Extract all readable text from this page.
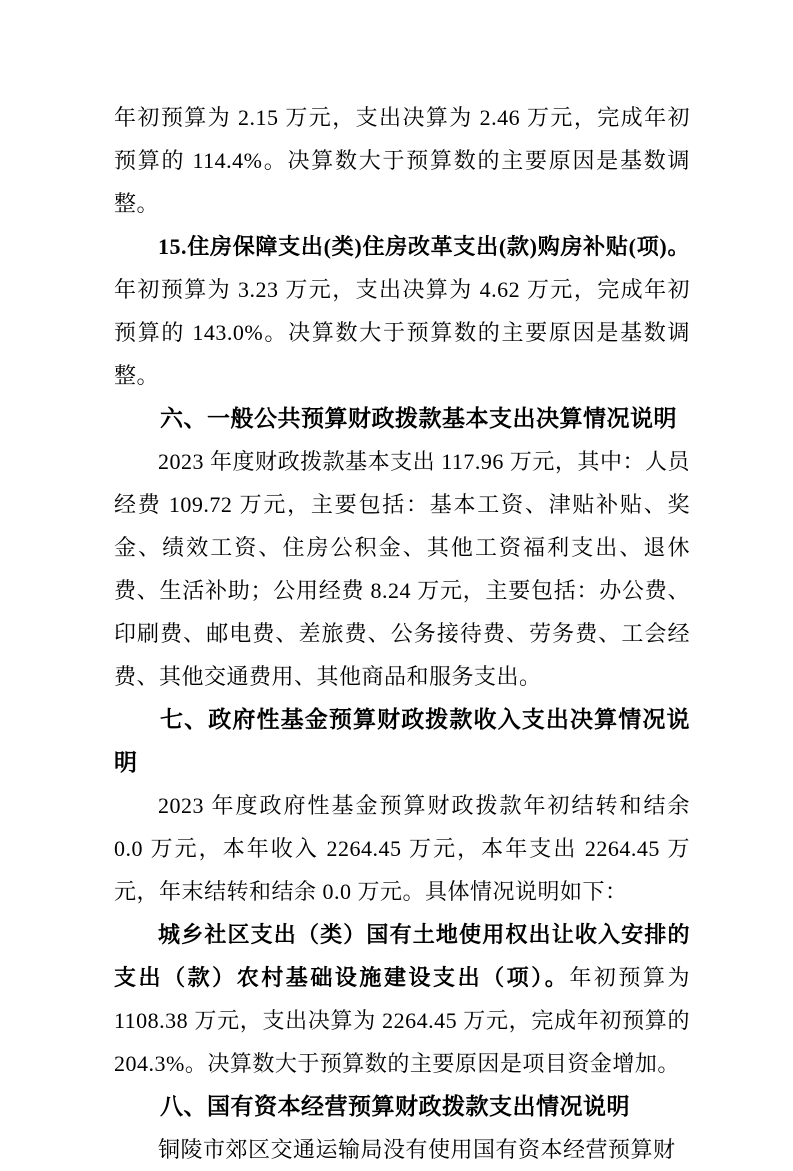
年初预算为 2.15 万元，支出决算为 2.46 万元，完成年初预算的 114.4%。决算数大于预算数的主要原因是基数调整。

15.住房保障支出(类)住房改革支出(款)购房补贴(项)。年初预算为 3.23 万元，支出决算为 4.62 万元，完成年初预算的 143.0%。决算数大于预算数的主要原因是基数调整。

六、一般公共预算财政拨款基本支出决算情况说明

2023 年度财政拨款基本支出 117.96 万元，其中：人员经费 109.72 万元，主要包括：基本工资、津贴补贴、奖金、绩效工资、住房公积金、其他工资福利支出、退休费、生活补助；公用经费 8.24 万元，主要包括：办公费、印刷费、邮电费、差旅费、公务接待费、劳务费、工会经费、其他交通费用、其他商品和服务支出。

七、政府性基金预算财政拨款收入支出决算情况说明

2023 年度政府性基金预算财政拨款年初结转和结余 0.0 万元，本年收入 2264.45 万元，本年支出 2264.45 万元，年末结转和结余 0.0 万元。具体情况说明如下：

城乡社区支出（类）国有土地使用权出让收入安排的支出（款）农村基础设施建设支出（项）。年初预算为 1108.38 万元，支出决算为 2264.45 万元，完成年初预算的 204.3%。决算数大于预算数的主要原因是项目资金增加。

八、国有资本经营预算财政拨款支出情况说明

铜陵市郊区交通运输局没有使用国有资本经营预算财
